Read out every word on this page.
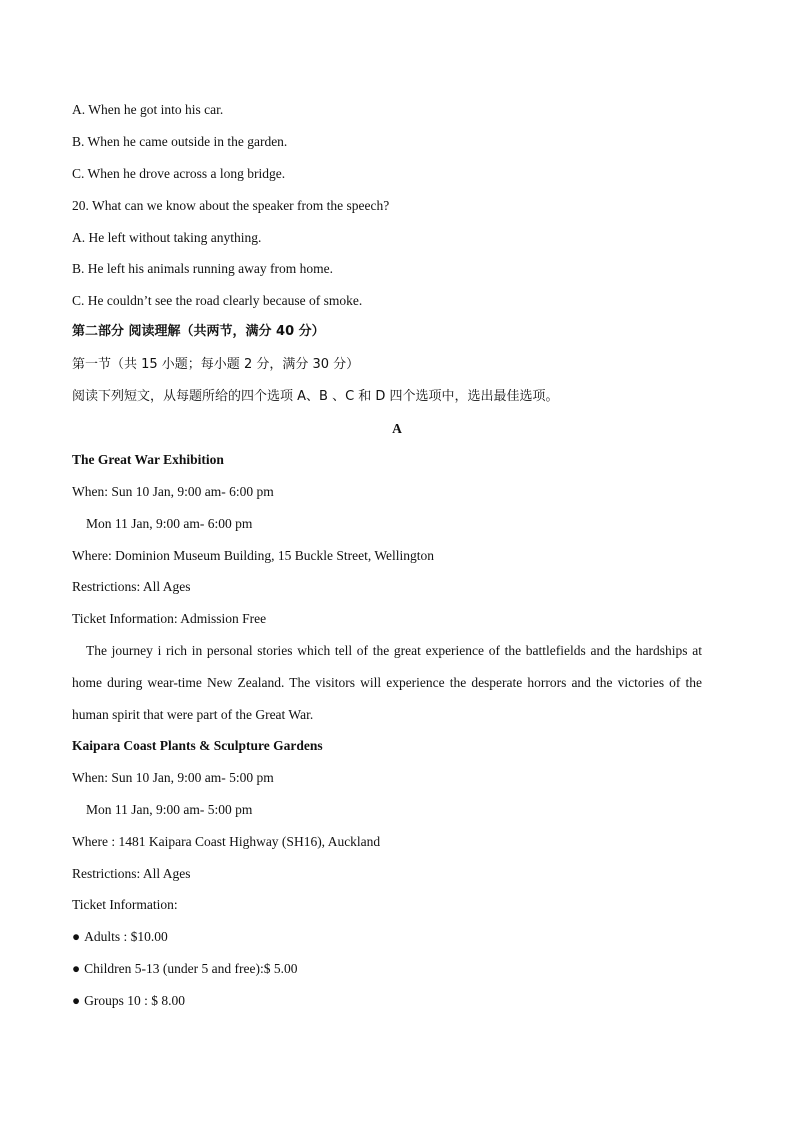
A. When he got into his car.
B. When he came outside in the garden.
C. When he drove across a long bridge.
20. What can we know about the speaker from the speech?
A. He left without taking anything.
B. He left his animals running away from home.
C. He couldn’t see the road clearly because of smoke.
第二部分 阅读理解（共两节，满分 40 分）
第一节（共 15 小题；每小题 2 分，满分 30 分）
阅读下列短文，从每题所给的四个选项 A、B 、C 和 D 四个选项中，选出最佳选项。
A
The Great War Exhibition
When: Sun 10 Jan, 9:00 am- 6:00 pm
Mon 11 Jan, 9:00 am- 6:00 pm
Where: Dominion Museum Building, 15 Buckle Street, Wellington
Restrictions: All Ages
Ticket Information: Admission Free
The journey i rich in personal stories which tell of the great experience of the battlefields and the hardships at home during wear-time New Zealand. The visitors will experience the desperate horrors and the victories of the human spirit that were part of the Great War.
Kaipara Coast Plants & Sculpture Gardens
When: Sun 10 Jan, 9:00 am- 5:00 pm
Mon 11 Jan, 9:00 am- 5:00 pm
Where : 1481 Kaipara Coast Highway (SH16), Auckland
Restrictions: All Ages
Ticket Information:
● Adults : $10.00
● Children 5-13 (under 5 and free):$ 5.00
● Groups 10 : $ 8.00
